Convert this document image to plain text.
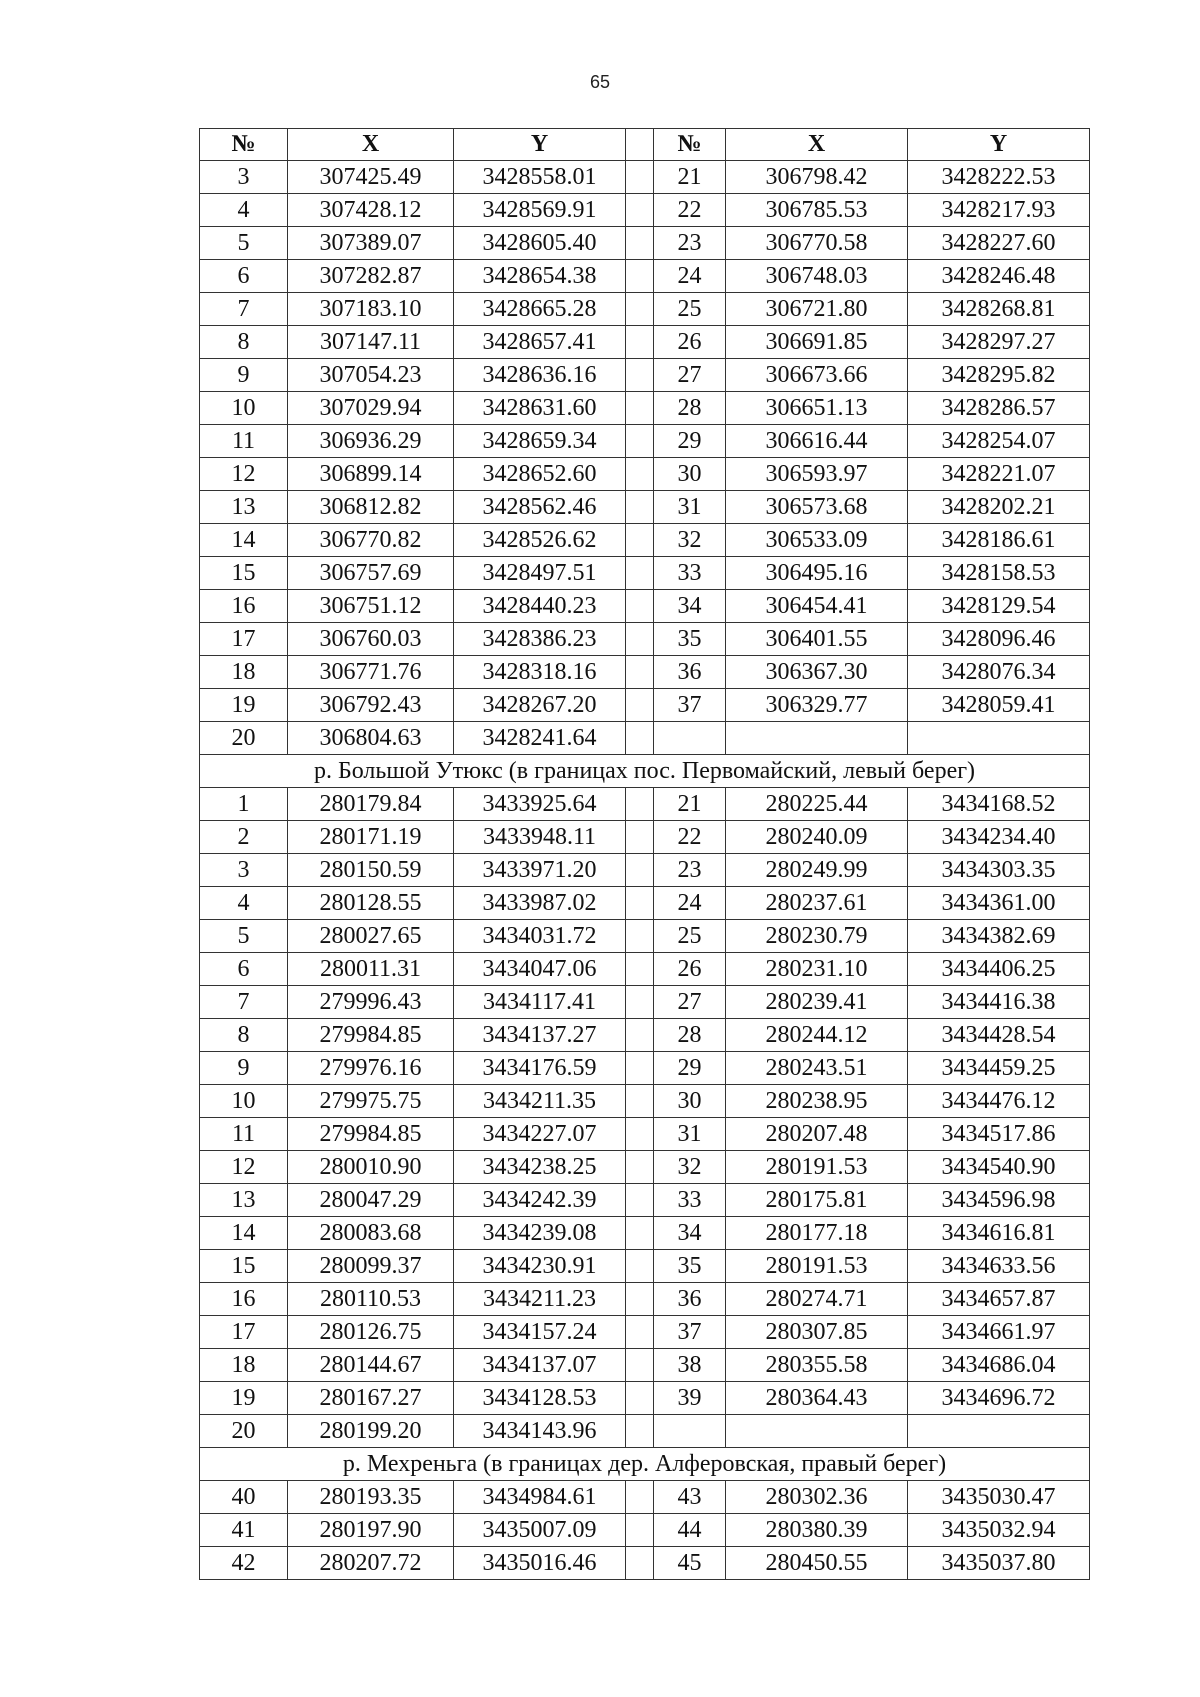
65
№	X	Y		№	X	Y
3	307425.49	3428558.01		21	306798.42	3428222.53
4	307428.12	3428569.91		22	306785.53	3428217.93
5	307389.07	3428605.40		23	306770.58	3428227.60
6	307282.87	3428654.38		24	306748.03	3428246.48
7	307183.10	3428665.28		25	306721.80	3428268.81
8	307147.11	3428657.41		26	306691.85	3428297.27
9	307054.23	3428636.16		27	306673.66	3428295.82
10	307029.94	3428631.60		28	306651.13	3428286.57
11	306936.29	3428659.34		29	306616.44	3428254.07
12	306899.14	3428652.60		30	306593.97	3428221.07
13	306812.82	3428562.46		31	306573.68	3428202.21
14	306770.82	3428526.62		32	306533.09	3428186.61
15	306757.69	3428497.51		33	306495.16	3428158.53
16	306751.12	3428440.23		34	306454.41	3428129.54
17	306760.03	3428386.23		35	306401.55	3428096.46
18	306771.76	3428318.16		36	306367.30	3428076.34
19	306792.43	3428267.20		37	306329.77	3428059.41
20	306804.63	3428241.64				
р. Большой Утюкс (в границах пос. Первомайский, левый берег)						
1	280179.84	3433925.64		21	280225.44	3434168.52
2	280171.19	3433948.11		22	280240.09	3434234.40
3	280150.59	3433971.20		23	280249.99	3434303.35
4	280128.55	3433987.02		24	280237.61	3434361.00
5	280027.65	3434031.72		25	280230.79	3434382.69
6	280011.31	3434047.06		26	280231.10	3434406.25
7	279996.43	3434117.41		27	280239.41	3434416.38
8	279984.85	3434137.27		28	280244.12	3434428.54
9	279976.16	3434176.59		29	280243.51	3434459.25
10	279975.75	3434211.35		30	280238.95	3434476.12
11	279984.85	3434227.07		31	280207.48	3434517.86
12	280010.90	3434238.25		32	280191.53	3434540.90
13	280047.29	3434242.39		33	280175.81	3434596.98
14	280083.68	3434239.08		34	280177.18	3434616.81
15	280099.37	3434230.91		35	280191.53	3434633.56
16	280110.53	3434211.23		36	280274.71	3434657.87
17	280126.75	3434157.24		37	280307.85	3434661.97
18	280144.67	3434137.07		38	280355.58	3434686.04
19	280167.27	3434128.53		39	280364.43	3434696.72
20	280199.20	3434143.96				
р. Мехреньга (в границах дер. Алферовская, правый берег)						
40	280193.35	3434984.61		43	280302.36	3435030.47
41	280197.90	3435007.09		44	280380.39	3435032.94
42	280207.72	3435016.46		45	280450.55	3435037.80
